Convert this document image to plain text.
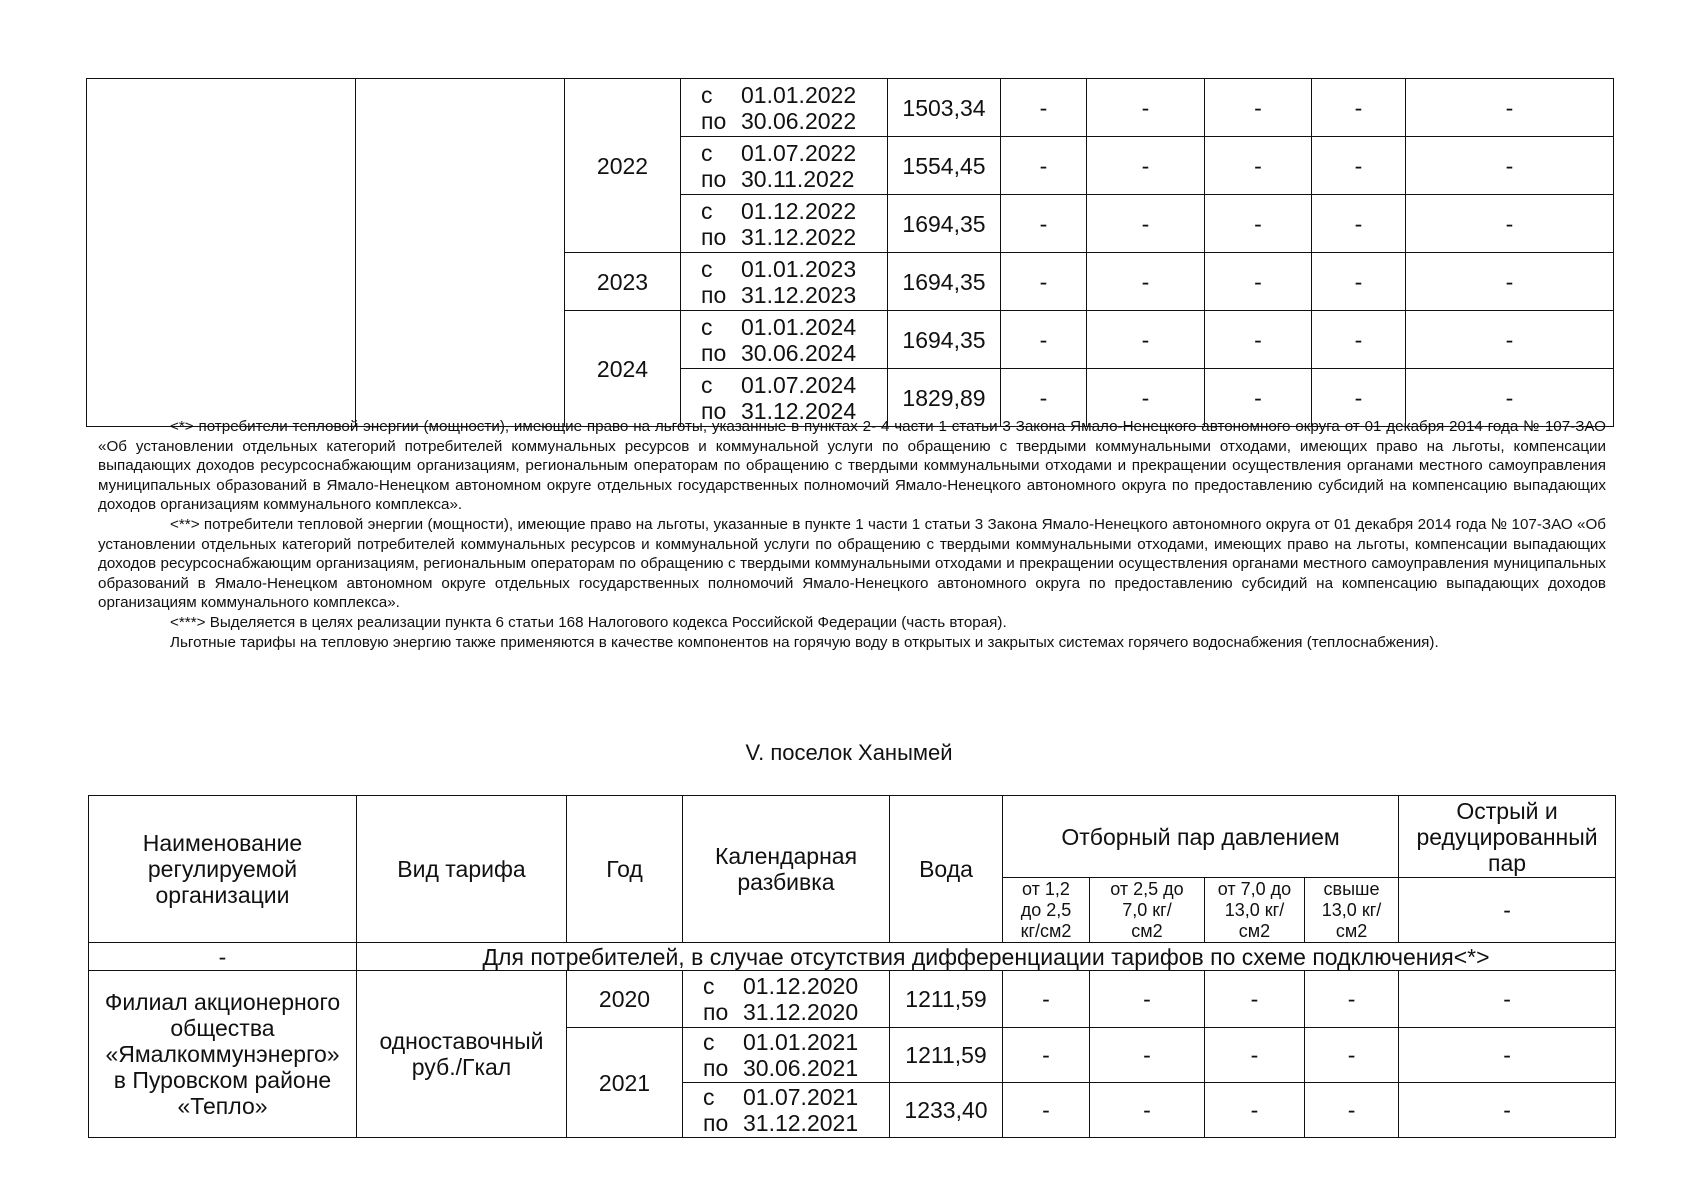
		2022	с 01.01.2022
по 30.06.2022	1503,34	-	-	-	-	-

			с 01.07.2022
по 30.11.2022	1554,45	-	-	-	-	-

			с 01.12.2022
по 31.12.2022	1694,35	-	-	-	-	-
		2023	с 01.01.2023
по 31.12.2023	1694,35	-	-	-	-	-
		2024	с 01.01.2024
по 30.06.2024	1694,35	-	-	-	-	-

			с 01.07.2024
по 31.12.2024	1829,89	-	-	-	-	-

<*> потребители тепловой энергии (мощности), имеющие право на льготы, указанные в пунктах 2- 4 части 1 статьи 3 Закона Ямало-Ненецкого автономного округа от 01 декабря 2014 года № 107-ЗАО «Об установлении отдельных категорий потребителей коммунальных ресурсов и коммунальной услуги по обращению с твердыми коммунальными отходами, имеющих право на льготы, компенсации выпадающих доходов ресурсоснабжающим организациям, региональным операторам по обращению с твердыми коммунальными отходами и прекращении осуществления органами местного самоуправления муниципальных образований в Ямало-Ненецком автономном округе отдельных государственных полномочий Ямало-Ненецкого автономного округа по предоставлению субсидий на компенсацию выпадающих доходов организациям коммунального комплекса».

<**> потребители тепловой энергии (мощности), имеющие право на льготы, указанные в пункте 1 части 1 статьи 3 Закона Ямало-Ненецкого автономного округа от 01 декабря 2014 года № 107-ЗАО «Об установлении отдельных категорий потребителей коммунальных ресурсов и коммунальной услуги по обращению с твердыми коммунальными отходами, имеющих право на льготы, компенсации выпадающих доходов ресурсоснабжающим организациям, региональным операторам по обращению с твердыми коммунальными отходами и прекращении осуществления органами местного самоуправления муниципальных образований в Ямало-Ненецком автономном округе отдельных государственных полномочий Ямало-Ненецкого автономного округа по предоставлению субсидий на компенсацию выпадающих доходов организациям коммунального комплекса».

<***> Выделяется в целях реализации пункта 6 статьи 168 Налогового кодекса Российской Федерации (часть вторая).

Льготные тарифы на тепловую энергию также применяются в качестве компонентов на горячую воду в открытых и закрытых системах горячего водоснабжения (теплоснабжения).

V. поселок Ханымей
Наименование регулируемой организации	Вид тарифа	Год	Календарная разбивка	Вода	Отборный пар давлением				Острый и редуцированный пар
					от 1,2 до 2,5 кг/см2	от 2,5 до 7,0 кг/см2	от 7,0 до 13,0 кг/см2	свыше 13,0 кг/см2	-
-	Для потребителей, в случае отсутствия дифференциации тарифов по схеме подключения<*>								
Филиал акционерного общества «Ямалкоммунэнерго» в Пуровском районе «Тепло»	одноставочный руб./Гкал	2020	с 01.12.2020
по 31.12.2020	1211,59	-	-	-	-	-
		2021	с 01.01.2021
по 30.06.2021	1211,59	-	-	-	-	-

			с 01.07.2021
по 31.12.2021	1233,40	-	-	-	-	-
